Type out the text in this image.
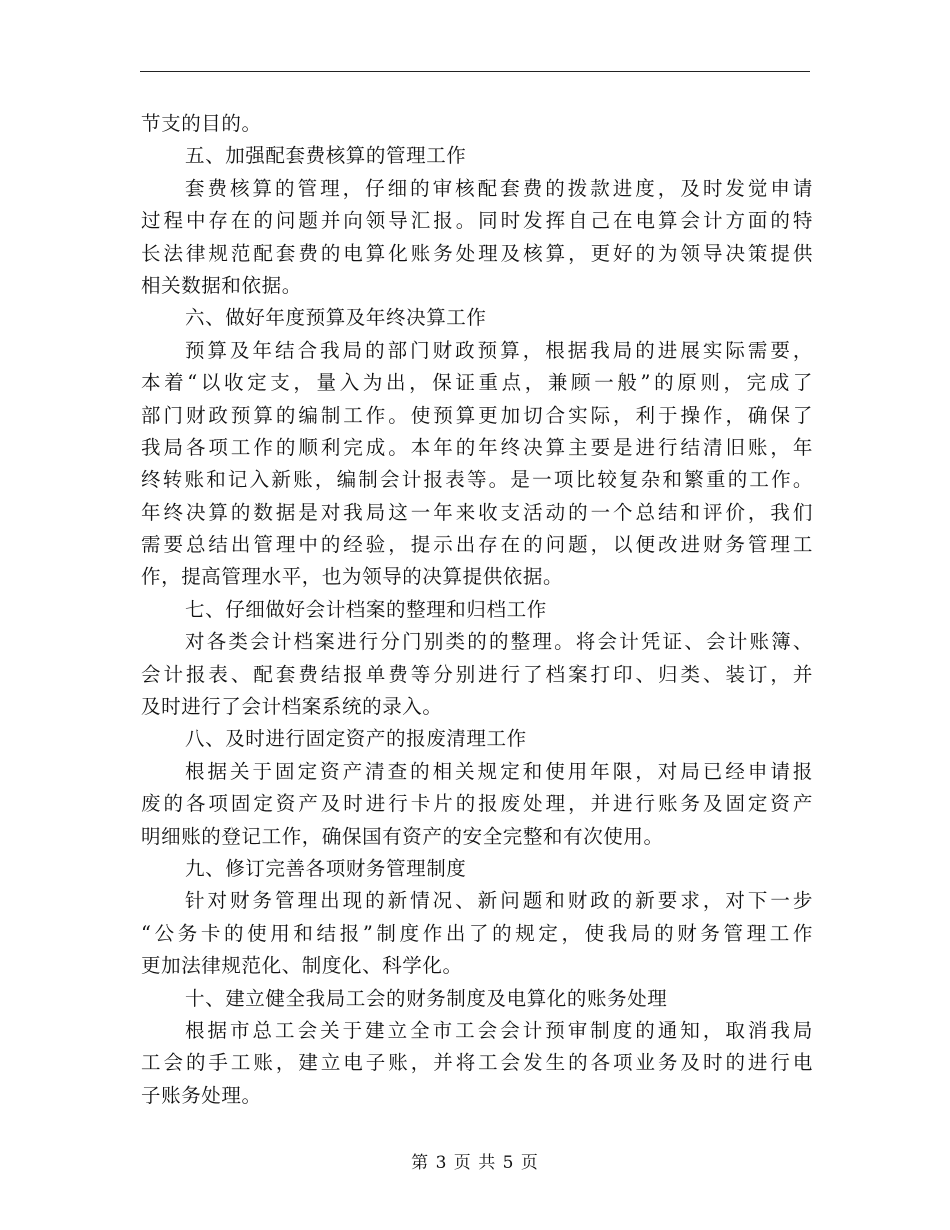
节支的目的。
五、加强配套费核算的管理工作
套费核算的管理，仔细的审核配套费的拨款进度，及时发觉申请
过程中存在的问题并向领导汇报。同时发挥自己在电算会计方面的特
长法律规范配套费的电算化账务处理及核算，更好的为领导决策提供
相关数据和依据。
六、做好年度预算及年终决算工作
预算及年结合我局的部门财政预算，根据我局的进展实际需要，
本着“以收定支，量入为出，保证重点，兼顾一般”的原则，完成了
部门财政预算的编制工作。使预算更加切合实际，利于操作，确保了
我局各项工作的顺利完成。本年的年终决算主要是进行结清旧账，年
终转账和记入新账，编制会计报表等。是一项比较复杂和繁重的工作。
年终决算的数据是对我局这一年来收支活动的一个总结和评价，我们
需要总结出管理中的经验，提示出存在的问题，以便改进财务管理工
作，提高管理水平，也为领导的决算提供依据。
七、仔细做好会计档案的整理和归档工作
对各类会计档案进行分门别类的的整理。将会计凭证、会计账簿、
会计报表、配套费结报单费等分别进行了档案打印、归类、装订，并
及时进行了会计档案系统的录入。
八、及时进行固定资产的报废清理工作
根据关于固定资产清查的相关规定和使用年限，对局已经申请报
废的各项固定资产及时进行卡片的报废处理，并进行账务及固定资产
明细账的登记工作，确保国有资产的安全完整和有次使用。
九、修订完善各项财务管理制度
针对财务管理出现的新情况、新问题和财政的新要求，对下一步
“公务卡的使用和结报”制度作出了的规定，使我局的财务管理工作
更加法律规范化、制度化、科学化。
十、建立健全我局工会的财务制度及电算化的账务处理
根据市总工会关于建立全市工会会计预审制度的通知，取消我局
工会的手工账，建立电子账，并将工会发生的各项业务及时的进行电
子账务处理。
第 3 页 共 5 页
